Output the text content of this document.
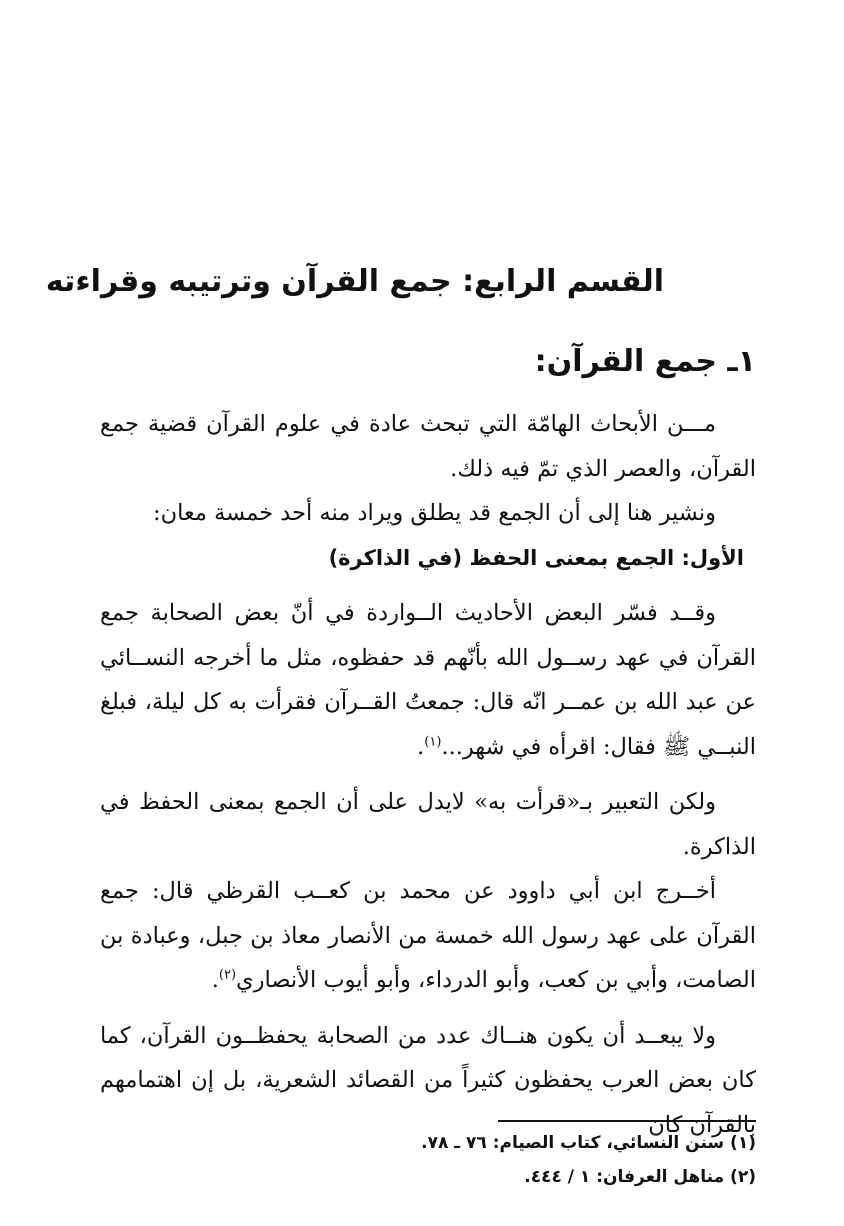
القسم الرابع: جمع القرآن وترتيبه وقراءته
١ـ جمع القرآن:

مـــن الأبحاث الهامّة التي تبحث عادة في علوم القرآن قضية جمع القرآن، والعصر الذي تمّ فيه ذلك.

ونشير هنا إلى أن الجمع قد يطلق ويراد منه أحد خمسة معان:

الأول: الجمع بمعنى الحفظ (في الذاكرة)

وقــد فسّر البعض الأحاديث الــواردة في أنّ بعض الصحابة جمع القرآن في عهد رســول الله بأنّهم قد حفظوه، مثل ما أخرجه النســائي عن عبد الله بن عمــر انّه قال: جمعتُ القــرآن فقرأت به كل ليلة، فبلغ النبــي ﷺ فقال: اقرأه في شهر...$^{(١)}$.

ولكن التعبير بـ«قرأت به» لايدل على أن الجمع بمعنى الحفظ في الذاكرة.

أخــرج ابن أبي داوود عن محمد بن كعــب القرظي قال: جمع القرآن على عهد رسول الله خمسة من الأنصار معاذ بن جبل، وعبادة بن الصامت، وأبي بن كعب، وأبو الدرداء، وأبو أيوب الأنصاري$^{(٢)}$.

ولا يبعــد أن يكون هنــاك عدد من الصحابة يحفظــون القرآن، كما كان بعض العرب يحفظون كثيراً من القصائد الشعرية، بل إن اهتمامهم بالقرآن كان

(١) سنن النسائي، كتاب الصيام: ٧٦ ـ ٧٨.

(٢) مناهل العرفان: ١ / ٤٤٤.
